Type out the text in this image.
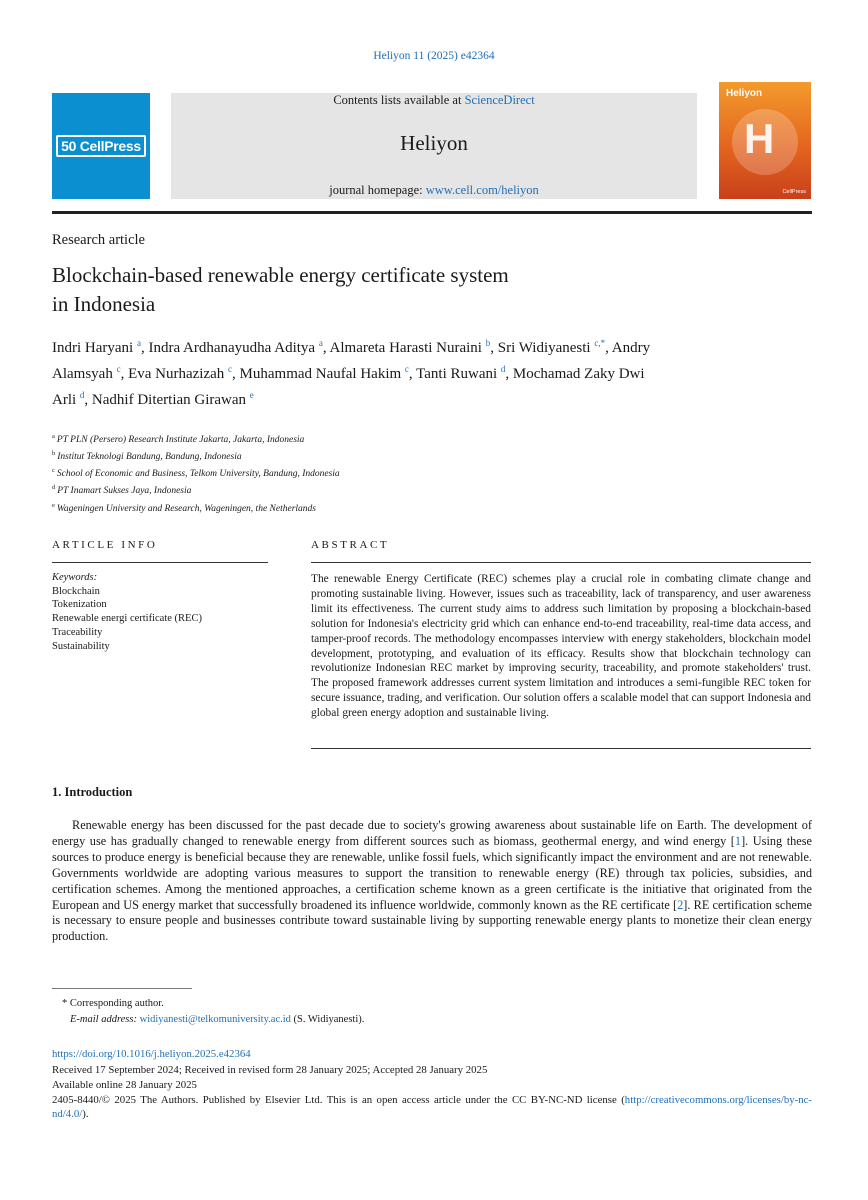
Heliyon 11 (2025) e42364
50 CellPress
Contents lists available at ScienceDirect
Heliyon
journal homepage: www.cell.com/heliyon
Heliyon
H
CellPress
Research article
Blockchain-based renewable energy certificate system
in Indonesia
Indri Haryani $^a$, Indra Ardhanayudha Aditya $^a$, Almareta Harasti Nuraini $^b$, Sri Widiyanesti $^{c,*}$, Andry Alamsyah $^c$, Eva Nurhazizah $^c$, Muhammad Naufal Hakim $^c$, Tanti Ruwani $^d$, Mochamad Zaky Dwi Arli $^d$, Nadhif Ditertian Girawan $^e$
$^a$ PT PLN (Persero) Research Institute Jakarta, Jakarta, Indonesia
$^b$ Institut Teknologi Bandung, Bandung, Indonesia
$^c$ School of Economic and Business, Telkom University, Bandung, Indonesia
$^d$ PT Inamart Sukses Jaya, Indonesia
$^e$ Wageningen University and Research, Wageningen, the Netherlands
ARTICLE INFO
Keywords:
Blockchain
Tokenization
Renewable energi certificate (REC)
Traceability
Sustainability
ABSTRACT
The renewable Energy Certificate (REC) schemes play a crucial role in combating climate change and promoting sustainable living. However, issues such as traceability, lack of transparency, and user awareness limit its effectiveness. The current study aims to address such limitation by proposing a blockchain-based solution for Indonesia's electricity grid which can enhance end-to-end traceability, real-time data access, and tamper-proof records. The methodology encompasses interview with energy stakeholders, blockchain model development, prototyping, and evaluation of its efficacy. Results show that blockchain technology can revolutionize Indonesian REC market by improving security, traceability, and promote stakeholders' trust. The proposed framework addresses current system limitation and introduces a semi-fungible REC token for secure issuance, trading, and verification. Our solution offers a scalable model that can support Indonesia and global green energy adoption and sustainable living.
1. Introduction
Renewable energy has been discussed for the past decade due to society's growing awareness about sustainable life on Earth. The development of energy use has gradually changed to renewable energy from different sources such as biomass, geothermal energy, and wind energy [1]. Using these sources to produce energy is beneficial because they are renewable, unlike fossil fuels, which significantly impact the environment and are not renewable. Governments worldwide are adopting various measures to support the transition to renewable energy (RE) through tax policies, subsidies, and certification schemes. Among the mentioned approaches, a certification scheme known as a green certificate is the initiative that originated from the European and US energy market that successfully broadened its influence worldwide, commonly known as the RE certificate [2]. RE certification scheme is necessary to ensure people and businesses contribute toward sustainable living by supporting renewable energy plants to monetize their clean energy production.
* Corresponding author.
E-mail address: widiyanesti@telkomuniversity.ac.id (S. Widiyanesti).
https://doi.org/10.1016/j.heliyon.2025.e42364
Received 17 September 2024; Received in revised form 28 January 2025; Accepted 28 January 2025
Available online 28 January 2025
2405-8440/© 2025 The Authors. Published by Elsevier Ltd. This is an open access article under the CC BY-NC-ND license (http://creativecommons.org/licenses/by-nc-nd/4.0/).
